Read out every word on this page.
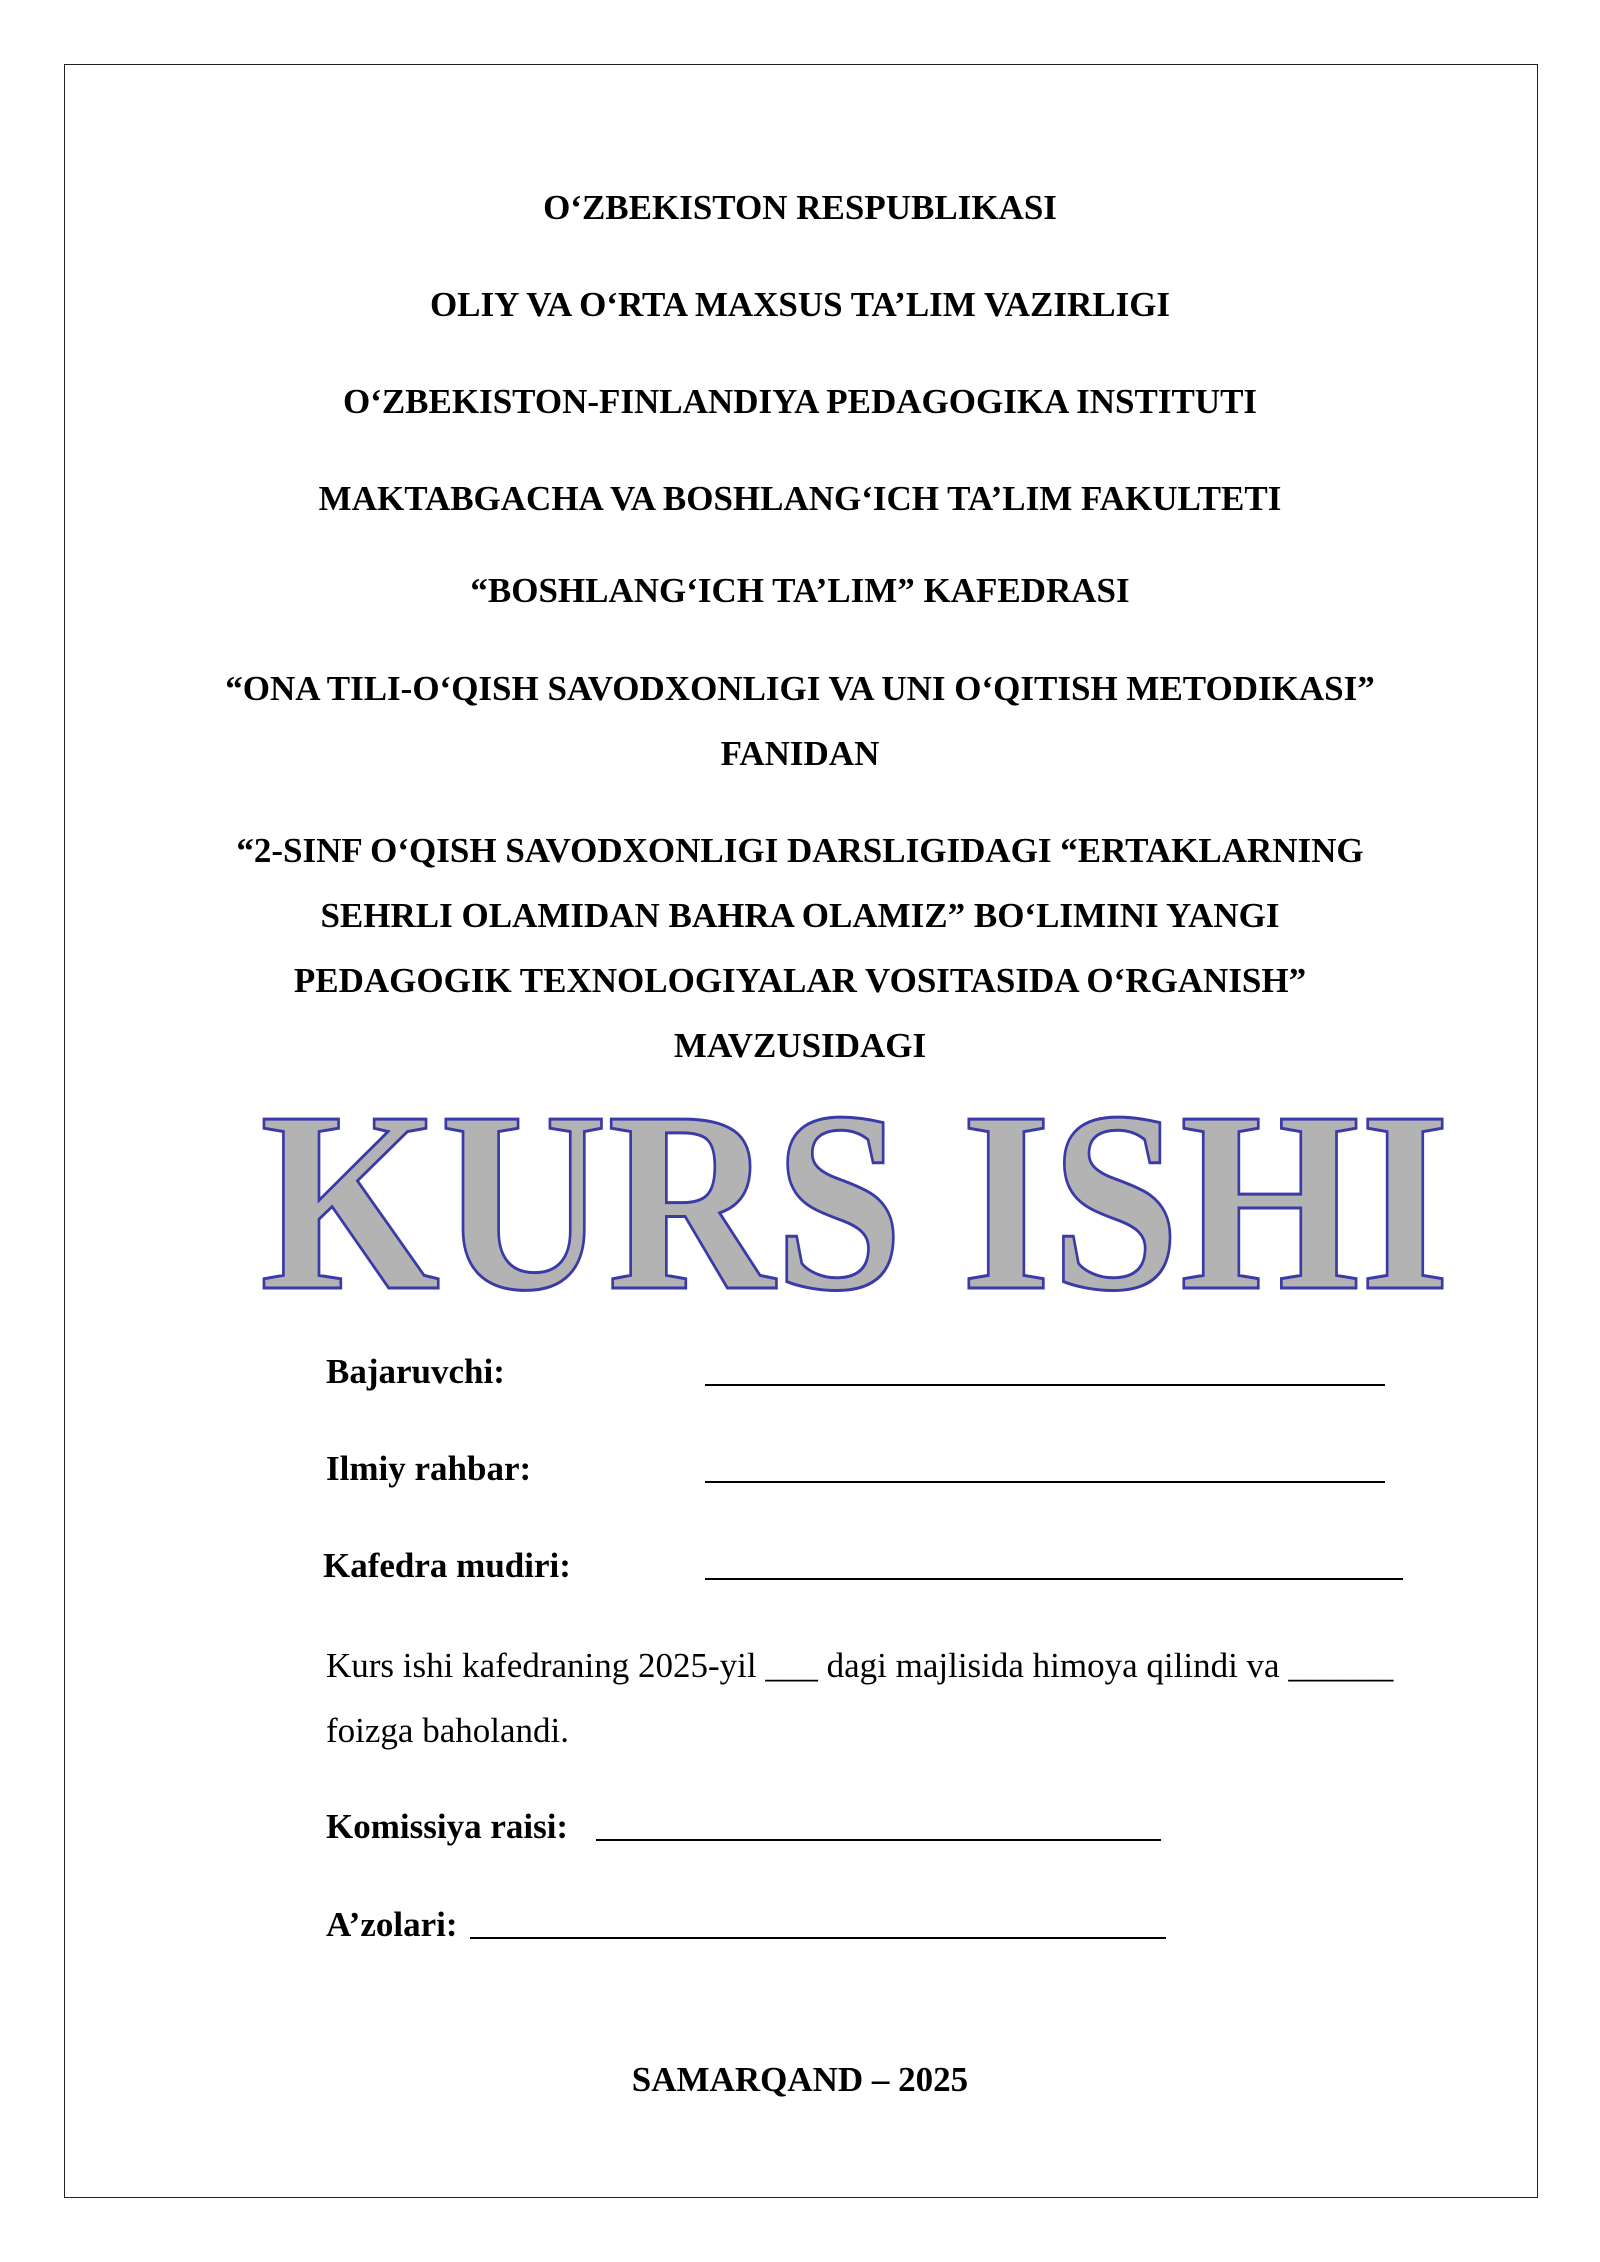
O‘ZBEKISTON RESPUBLIKASI
OLIY VA O‘RTA MAXSUS TA’LIM VAZIRLIGI
O‘ZBEKISTON-FINLANDIYA PEDAGOGIKA INSTITUTI
MAKTABGACHA VA BOSHLANG‘ICH TA’LIM FAKULTETI
“BOSHLANG‘ICH TA’LIM” KAFEDRASI
“ONA TILI-O‘QISH SAVODXONLIGI VA UNI O‘QITISH METODIKASI”
FANIDAN
“2-SINF O‘QISH SAVODXONLIGI DARSLIGIDAGI “ERTAKLARNING
SEHRLI OLAMIDAN BAHRA OLAMIZ” BO‘LIMINI YANGI
PEDAGOGIK TEXNOLOGIYALAR VOSITASIDA O‘RGANISH”
MAVZUSIDAGI
KURS ISHI
Bajaruvchi:
Ilmiy rahbar:
Kafedra mudiri:
Kurs ishi kafedraning 2025-yil ___ dagi majlisida himoya qilindi va ______
foizga baholandi.
Komissiya raisi:
A’zolari:
SAMARQAND – 2025
